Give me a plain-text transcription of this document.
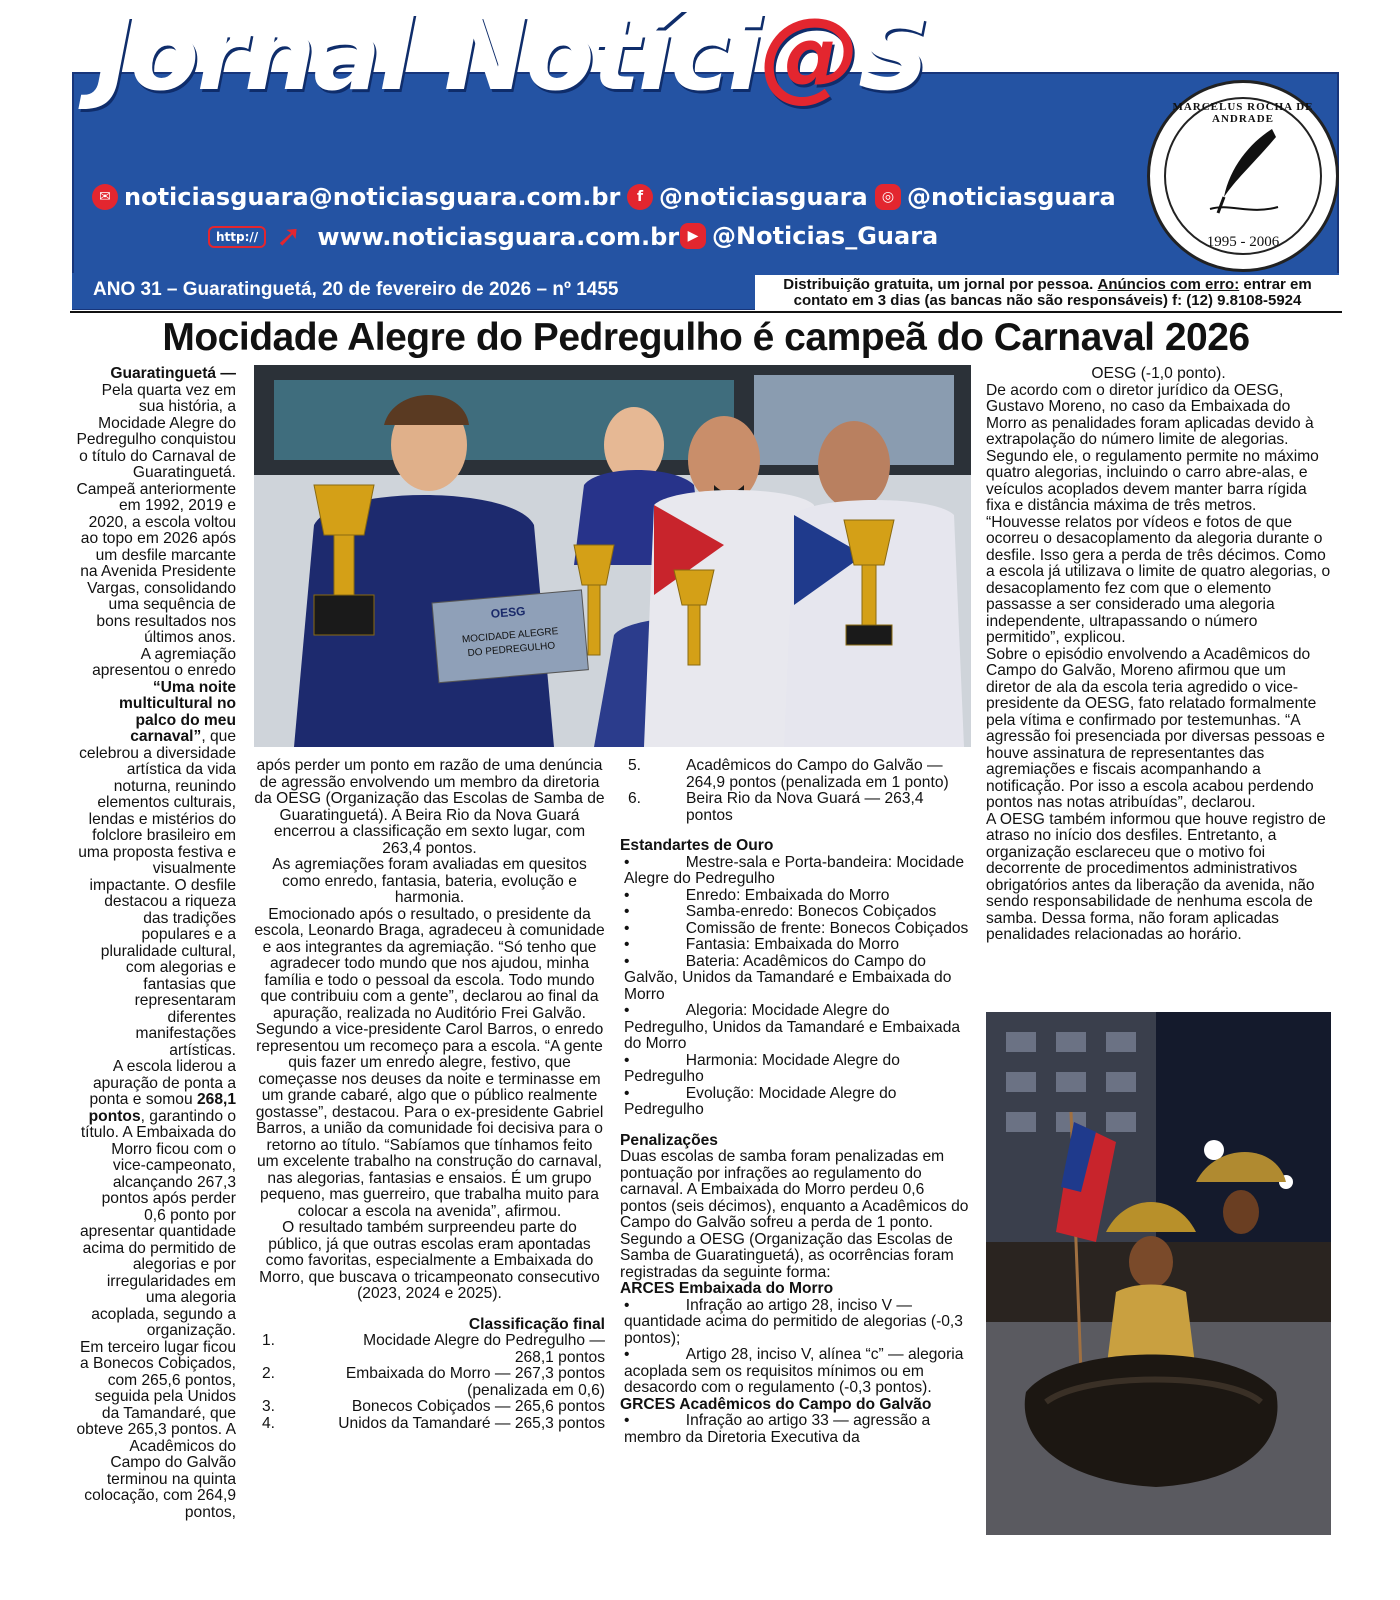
Jornal Notíci@S
✉ noticiasguara@noticiasguara.com.br	f @noticiasguara	◎ @noticiasguara
http:// ➚ www.noticiasguara.com.br ▶ @Noticias_Guara
MARCELUS ROCHA DE ANDRADE
1995 - 2006
ANO 31 – Guaratinguetá, 20 de fevereiro de 2026 – nº 1455	Distribuição gratuita, um jornal por pessoa. Anúncios com erro: entrar em contato em 3 dias (as bancas não são responsáveis) f: (12) 9.8108-5924
Mocidade Alegre do Pedregulho é campeã do Carnaval 2026
OESG
MOCIDADE ALEGRE
DO PEDREGULHO

Guaratinguetá —

Pela quarta vez em sua história, a Mocidade Alegre do Pedregulho conquistou o título do Carnaval de Guaratinguetá. Campeã anteriormente em 1992, 2019 e 2020, a escola voltou ao topo em 2026 após um desfile marcante na Avenida Presidente Vargas, consolidando uma sequência de bons resultados nos últimos anos.

A agremiação apresentou o enredo “Uma noite multicultural no palco do meu carnaval”, que celebrou a diversidade artística da vida noturna, reunindo elementos culturais, lendas e mistérios do folclore brasileiro em uma proposta festiva e visualmente impactante. O desfile destacou a riqueza das tradições populares e a pluralidade cultural, com alegorias e fantasias que representaram diferentes manifestações artísticas.

A escola liderou a apuração de ponta a ponta e somou 268,1 pontos, garantindo o título. A Embaixada do Morro ficou com o vice-campeonato, alcançando 267,3 pontos após perder 0,6 ponto por apresentar quantidade acima do permitido de alegorias e por irregularidades em uma alegoria acoplada, segundo a organização.

Em terceiro lugar ficou a Bonecos Cobiçados, com 265,6 pontos, seguida pela Unidos da Tamandaré, que obteve 265,3 pontos. A Acadêmicos do Campo do Galvão terminou na quinta colocação, com 264,9 pontos,

após perder um ponto em razão de uma denúncia de agressão envolvendo um membro da diretoria da OESG (Organização das Escolas de Samba de Guaratinguetá). A Beira Rio da Nova Guará encerrou a classificação em sexto lugar, com 263,4 pontos.

As agremiações foram avaliadas em quesitos como enredo, fantasia, bateria, evolução e harmonia.

Emocionado após o resultado, o presidente da escola, Leonardo Braga, agradeceu à comunidade e aos integrantes da agremiação. “Só tenho que agradecer todo mundo que nos ajudou, minha família e todo o pessoal da escola. Todo mundo que contribuiu com a gente”, declarou ao final da apuração, realizada no Auditório Frei Galvão.

Segundo a vice-presidente Carol Barros, o enredo representou um recomeço para a escola. “A gente quis fazer um enredo alegre, festivo, que começasse nos deuses da noite e terminasse em um grande cabaré, algo que o público realmente gostasse”, destacou. Para o ex-presidente Gabriel Barros, a união da comunidade foi decisiva para o retorno ao título. “Sabíamos que tínhamos feito um excelente trabalho na construção do carnaval, nas alegorias, fantasias e ensaios. É um grupo pequeno, mas guerreiro, que trabalha muito para colocar a escola na avenida”, afirmou.

O resultado também surpreendeu parte do público, já que outras escolas eram apontadas como favoritas, especialmente a Embaixada do Morro, que buscava o tricampeonato consecutivo (2023, 2024 e 2025).

Classificação final

1.	Mocidade Alegre do Pedregulho — 268,1 pontos
2.	Embaixada do Morro — 267,3 pontos (penalizada em 0,6)
3.	Bonecos Cobiçados — 265,6 pontos
4.	Unidos da Tamandaré — 265,3 pontos
5.	Acadêmicos do Campo do Galvão — 264,9 pontos (penalizada em 1 ponto)
6.	Beira Rio da Nova Guará — 263,4 pontos

Estandartes de Ouro

•             Mestre-sala e Porta-bandeira: Mocidade Alegre do Pedregulho

•             Enredo: Embaixada do Morro

•             Samba-enredo: Bonecos Cobiçados

•             Comissão de frente: Bonecos Cobiçados

•             Fantasia: Embaixada do Morro

•             Bateria: Acadêmicos do Campo do Galvão, Unidos da Tamandaré e Embaixada do Morro

•             Alegoria: Mocidade Alegre do Pedregulho, Unidos da Tamandaré e Embaixada do Morro

•             Harmonia: Mocidade Alegre do Pedregulho

•             Evolução: Mocidade Alegre do Pedregulho

Penalizações

Duas escolas de samba foram penalizadas em pontuação por infrações ao regulamento do carnaval. A Embaixada do Morro perdeu 0,6 pontos (seis décimos), enquanto a Acadêmicos do Campo do Galvão sofreu a perda de 1 ponto. Segundo a OESG (Organização das Escolas de Samba de Guaratinguetá), as ocorrências foram registradas da seguinte forma:

ARCES Embaixada do Morro

•             Infração ao artigo 28, inciso V — quantidade acima do permitido de alegorias (-0,3 pontos);

•             Artigo 28, inciso V, alínea “c” — alegoria acoplada sem os requisitos mínimos ou em desacordo com o regulamento (-0,3 pontos).

GRCES Acadêmicos do Campo do Galvão

•             Infração ao artigo 33 — agressão a membro da Diretoria Executiva da

OESG (-1,0 ponto).

De acordo com o diretor jurídico da OESG, Gustavo Moreno, no caso da Embaixada do Morro as penalidades foram aplicadas devido à extrapolação do número limite de alegorias. Segundo ele, o regulamento permite no máximo quatro alegorias, incluindo o carro abre-alas, e veículos acoplados devem manter barra rígida fixa e distância máxima de três metros.

“Houvesse relatos por vídeos e fotos de que ocorreu o desacoplamento da alegoria durante o desfile. Isso gera a perda de três décimos. Como a escola já utilizava o limite de quatro alegorias, o desacoplamento fez com que o elemento passasse a ser considerado uma alegoria independente, ultrapassando o número permitido”, explicou.

Sobre o episódio envolvendo a Acadêmicos do Campo do Galvão, Moreno afirmou que um diretor de ala da escola teria agredido o vice-presidente da OESG, fato relatado formalmente pela vítima e confirmado por testemunhas. “A agressão foi presenciada por diversas pessoas e houve assinatura de representantes das agremiações e fiscais acompanhando a notificação. Por isso a escola acabou perdendo pontos nas notas atribuídas”, declarou.

A OESG também informou que houve registro de atraso no início dos desfiles. Entretanto, a organização esclareceu que o motivo foi decorrente de procedimentos administrativos obrigatórios antes da liberação da avenida, não sendo responsabilidade de nenhuma escola de samba. Dessa forma, não foram aplicadas penalidades relacionadas ao horário.
